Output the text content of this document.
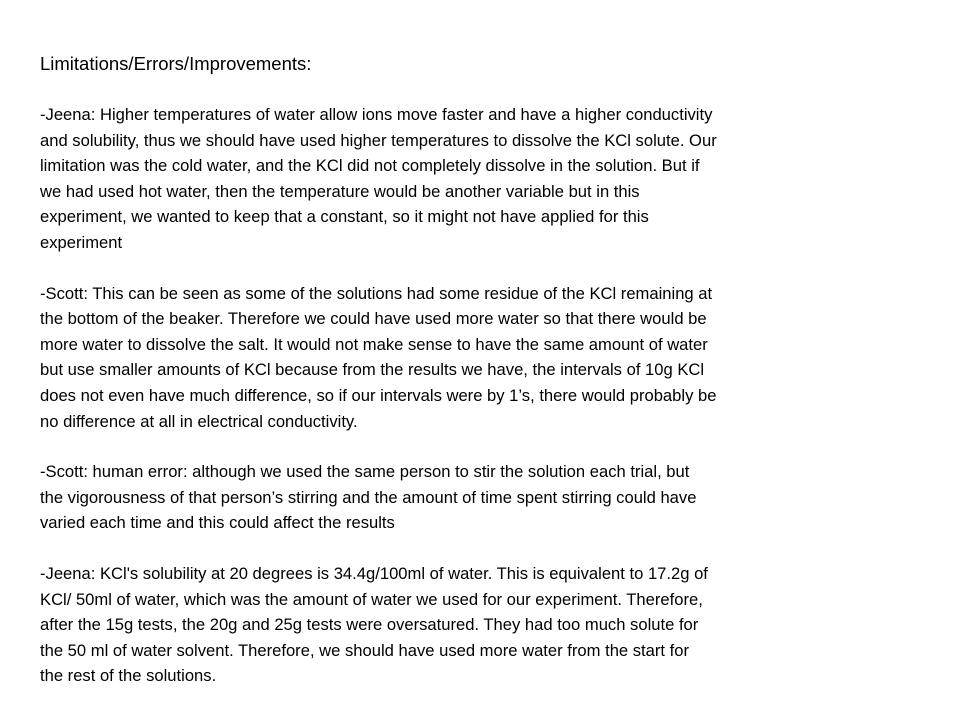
Limitations/Errors/Improvements:
-Jeena: Higher temperatures of water allow ions move faster and have a higher conductivity
and solubility, thus we should have used higher temperatures to dissolve the KCl solute. Our
limitation was the cold water, and the KCl did not completely dissolve in the solution. But if
we had used hot water, then the temperature would be another variable but in this
experiment, we wanted to keep that a constant, so it might not have applied for this
experiment
-Scott: This can be seen as some of the solutions had some residue of the KCl remaining at
the bottom of the beaker. Therefore we could have used more water so that there would be
more water to dissolve the salt. It would not make sense to have the same amount of water
but use smaller amounts of KCl because from the results we have, the intervals of 10g KCl
does not even have much difference, so if our intervals were by 1’s, there would probably be
no difference at all in electrical conductivity.
-Scott: human error: although we used the same person to stir the solution each trial, but
the vigorousness of that person’s stirring and the amount of time spent stirring could have
varied each time and this could affect the results
-Jeena: KCl's solubility at 20 degrees is 34.4g/100ml of water. This is equivalent to 17.2g of
KCl/ 50ml of water, which was the amount of water we used for our experiment. Therefore,
after the 15g tests, the 20g and 25g tests were oversatured. They had too much solute for
the 50 ml of water solvent. Therefore, we should have used more water from the start for
the rest of the solutions.
